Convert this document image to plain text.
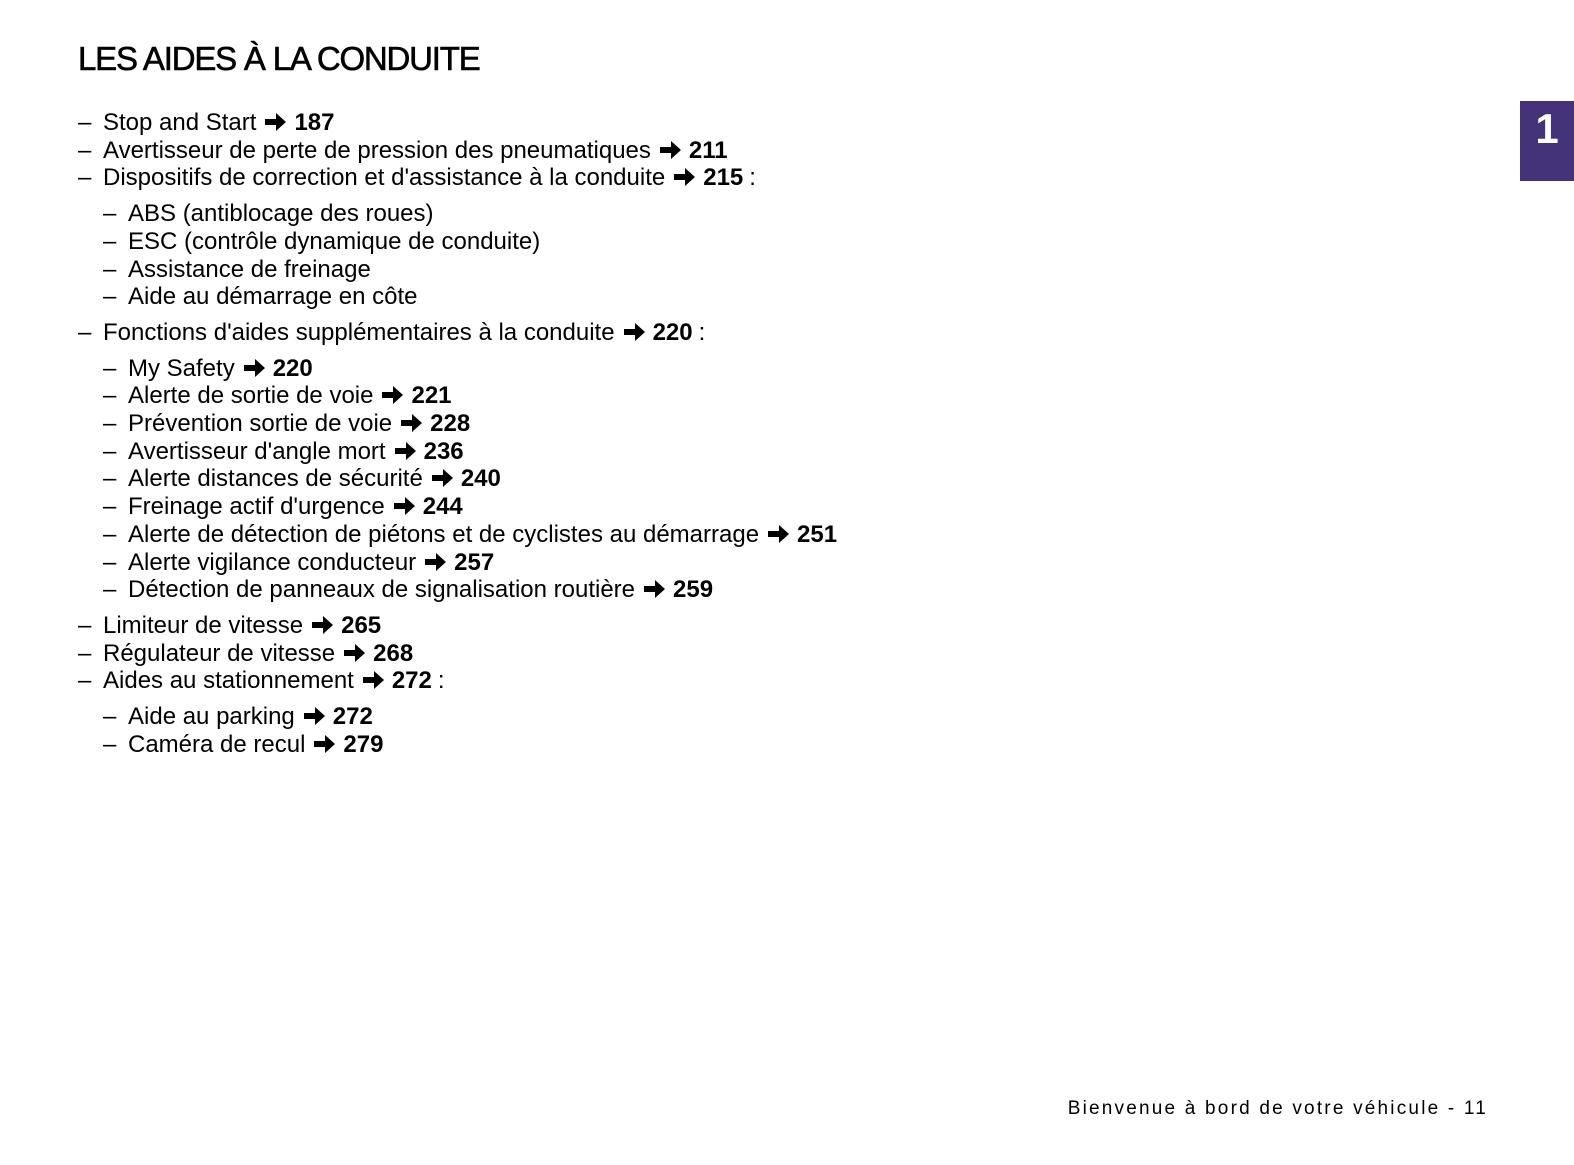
LES AIDES À LA CONDUITE
– Stop and Start 187
– Avertisseur de perte de pression des pneumatiques 211
– Dispositifs de correction et d'assistance à la conduite 215 :
– ABS (antiblocage des roues)
– ESC (contrôle dynamique de conduite)
– Assistance de freinage
– Aide au démarrage en côte
– Fonctions d'aides supplémentaires à la conduite 220 :
– My Safety 220
– Alerte de sortie de voie 221
– Prévention sortie de voie 228
– Avertisseur d'angle mort 236
– Alerte distances de sécurité 240
– Freinage actif d'urgence 244
– Alerte de détection de piétons et de cyclistes au démarrage 251
– Alerte vigilance conducteur 257
– Détection de panneaux de signalisation routière 259
– Limiteur de vitesse 265
– Régulateur de vitesse 268
– Aides au stationnement 272 :
– Aide au parking 272
– Caméra de recul 279
1
Bienvenue à bord de votre véhicule - 11
